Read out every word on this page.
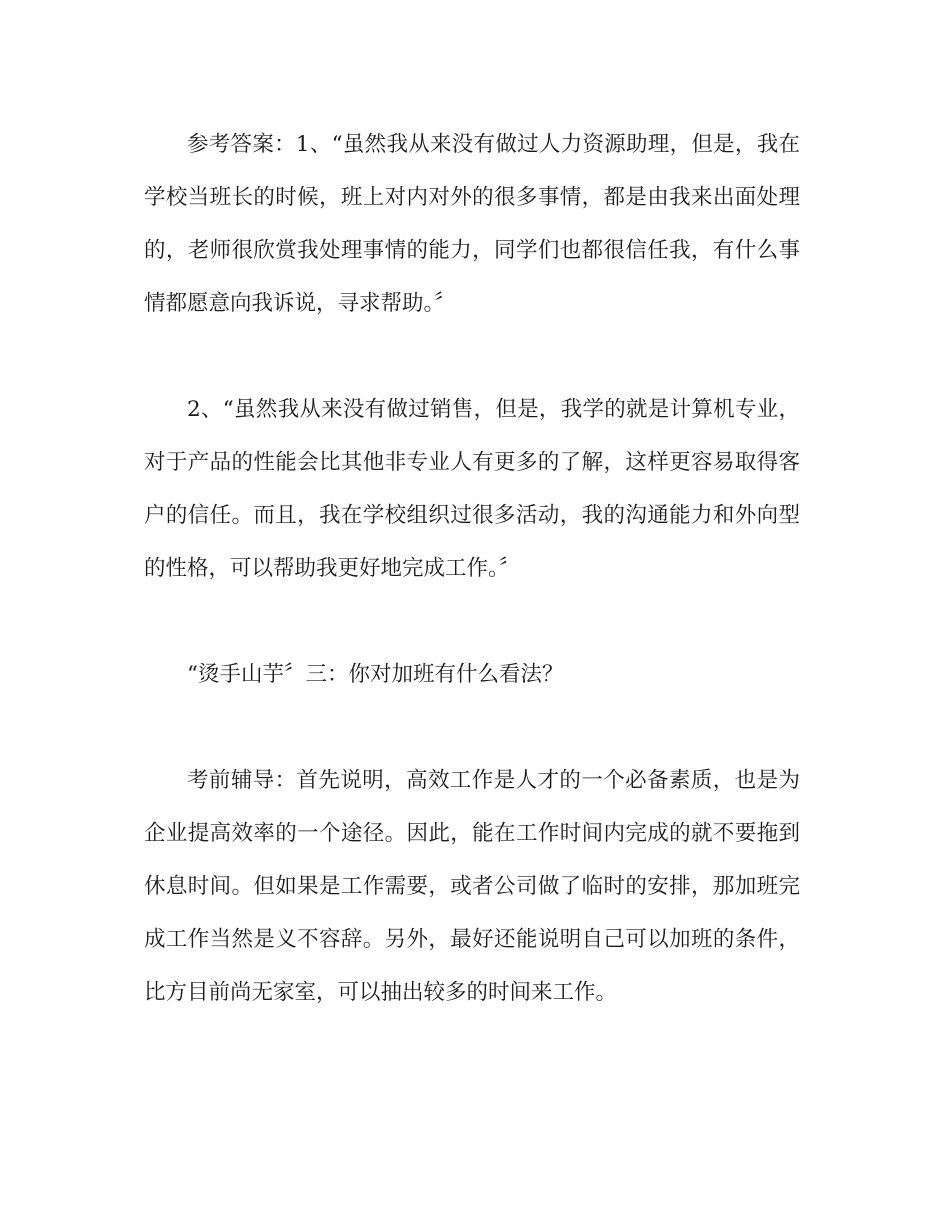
参考答案：1、“虽然我从来没有做过人力资源助理，但是，我在学校当班长的时候，班上对内对外的很多事情，都是由我来出面处理的，老师很欣赏我处理事情的能力，同学们也都很信任我，有什么事情都愿意向我诉说，寻求帮助。〞

2、“虽然我从来没有做过销售，但是，我学的就是计算机专业，对于产品的性能会比其他非专业人有更多的了解，这样更容易取得客户的信任。而且，我在学校组织过很多活动，我的沟通能力和外向型的性格，可以帮助我更好地完成工作。〞

“烫手山芋〞三：你对加班有什么看法？

考前辅导：首先说明，高效工作是人才的一个必备素质，也是为企业提高效率的一个途径。因此，能在工作时间内完成的就不要拖到休息时间。但如果是工作需要，或者公司做了临时的安排，那加班完成工作当然是义不容辞。另外，最好还能说明自己可以加班的条件，比方目前尚无家室，可以抽出较多的时间来工作。
